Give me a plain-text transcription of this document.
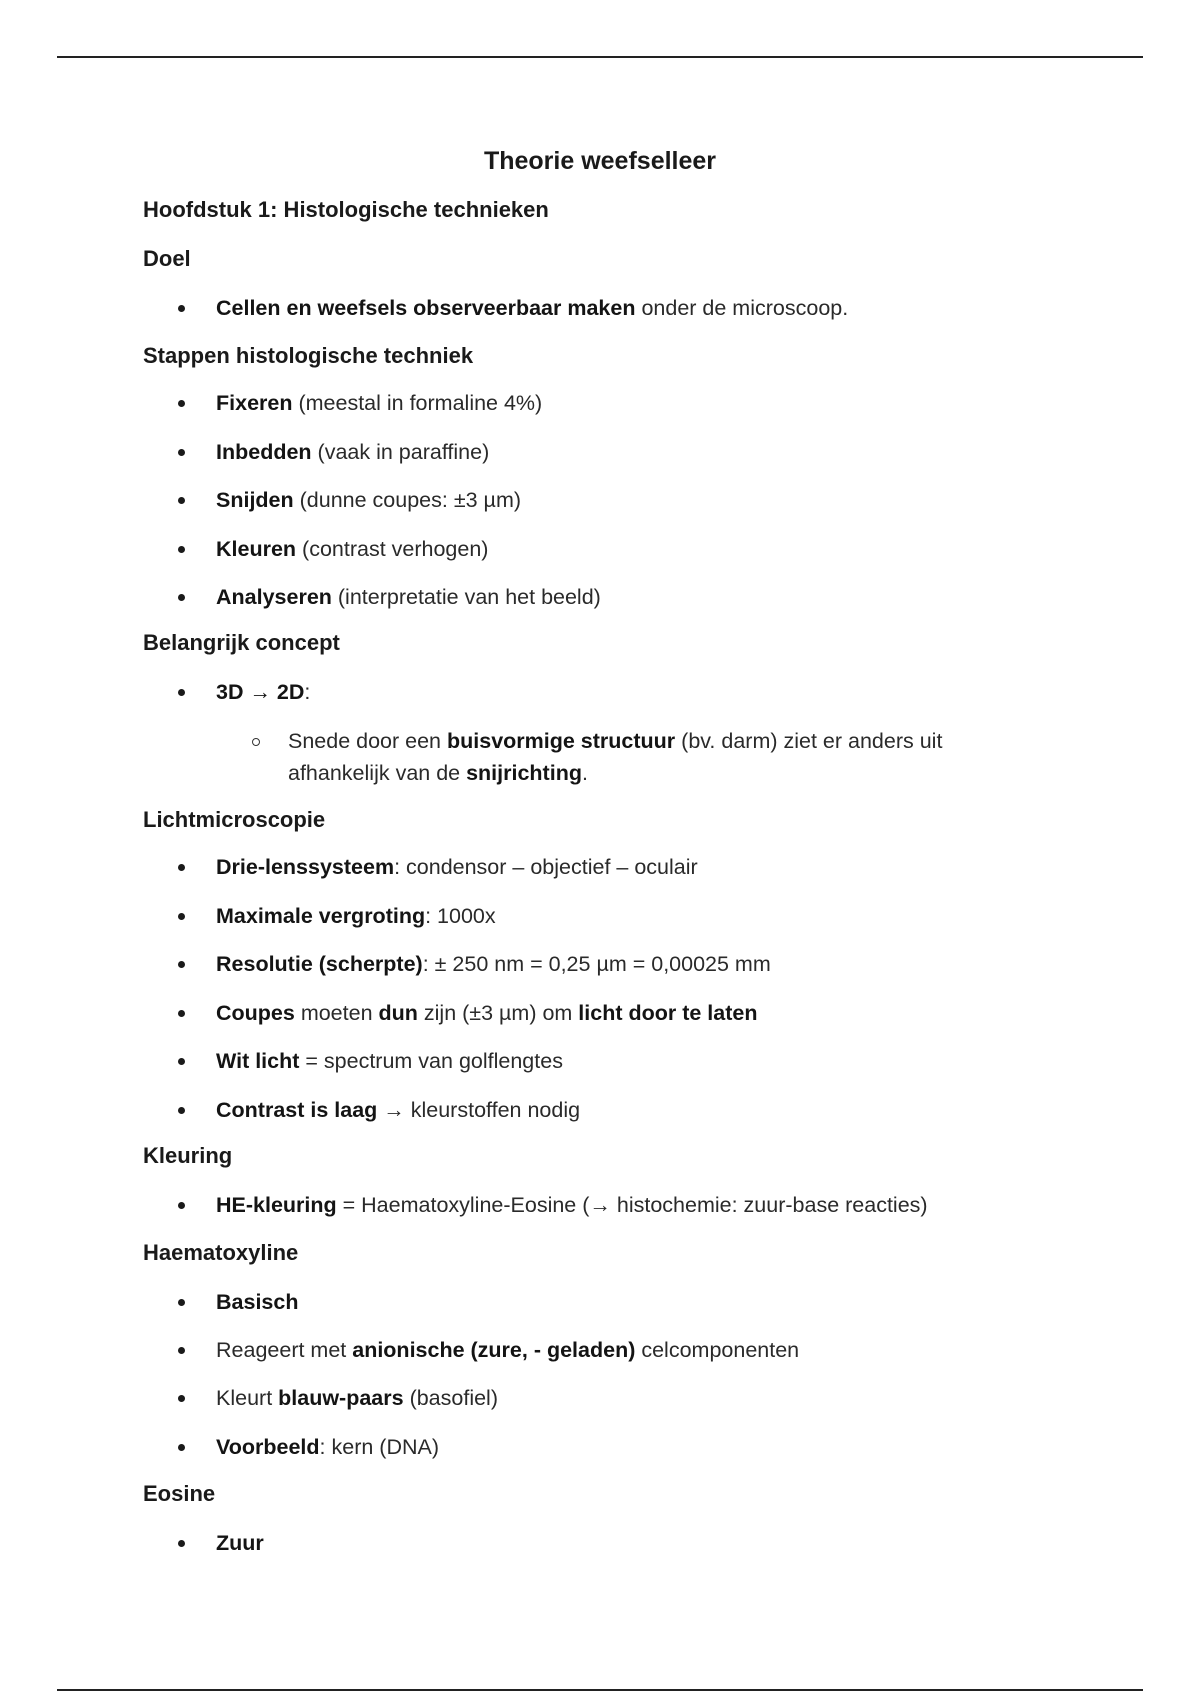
Theorie weefselleer
Hoofdstuk 1: Histologische technieken
Doel
Cellen en weefsels observeerbaar maken onder de microscoop.
Stappen histologische techniek
Fixeren (meestal in formaline 4%)
Inbedden (vaak in paraffine)
Snijden (dunne coupes: ±3 µm)
Kleuren (contrast verhogen)
Analyseren (interpretatie van het beeld)
Belangrijk concept
3D → 2D:
Snede door een buisvormige structuur (bv. darm) ziet er anders uit afhankelijk van de snijrichting.
Lichtmicroscopie
Drie-lenssysteem: condensor – objectief – oculair
Maximale vergroting: 1000x
Resolutie (scherpte): ± 250 nm = 0,25 µm = 0,00025 mm
Coupes moeten dun zijn (±3 µm) om licht door te laten
Wit licht = spectrum van golflengtes
Contrast is laag → kleurstoffen nodig
Kleuring
HE-kleuring = Haematoxyline-Eosine (→ histochemie: zuur-base reacties)
Haematoxyline
Basisch
Reageert met anionische (zure, - geladen) celcomponenten
Kleurt blauw-paars (basofiel)
Voorbeeld: kern (DNA)
Eosine
Zuur
